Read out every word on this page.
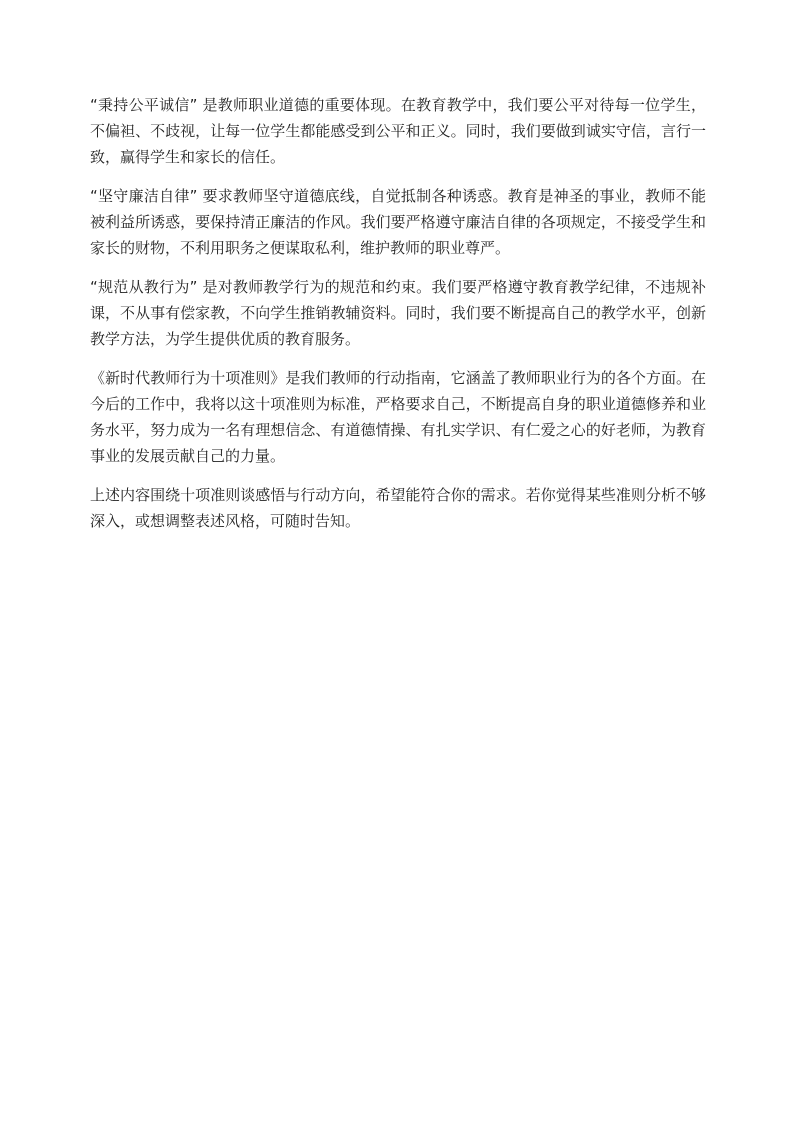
“秉持公平诚信” 是教师职业道德的重要体现。在教育教学中，我们要公平对待每一位学生，不偏袒、不歧视，让每一位学生都能感受到公平和正义。同时，我们要做到诚实守信，言行一致，赢得学生和家长的信任。

“坚守廉洁自律” 要求教师坚守道德底线，自觉抵制各种诱惑。教育是神圣的事业，教师不能被利益所诱惑，要保持清正廉洁的作风。我们要严格遵守廉洁自律的各项规定，不接受学生和家长的财物，不利用职务之便谋取私利，维护教师的职业尊严。

“规范从教行为” 是对教师教学行为的规范和约束。我们要严格遵守教育教学纪律，不违规补课，不从事有偿家教，不向学生推销教辅资料。同时，我们要不断提高自己的教学水平，创新教学方法，为学生提供优质的教育服务。

《新时代教师行为十项准则》是我们教师的行动指南，它涵盖了教师职业行为的各个方面。在今后的工作中，我将以这十项准则为标准，严格要求自己，不断提高自身的职业道德修养和业务水平，努力成为一名有理想信念、有道德情操、有扎实学识、有仁爱之心的好老师，为教育事业的发展贡献自己的力量。

上述内容围绕十项准则谈感悟与行动方向，希望能符合你的需求。若你觉得某些准则分析不够深入，或想调整表述风格，可随时告知。
